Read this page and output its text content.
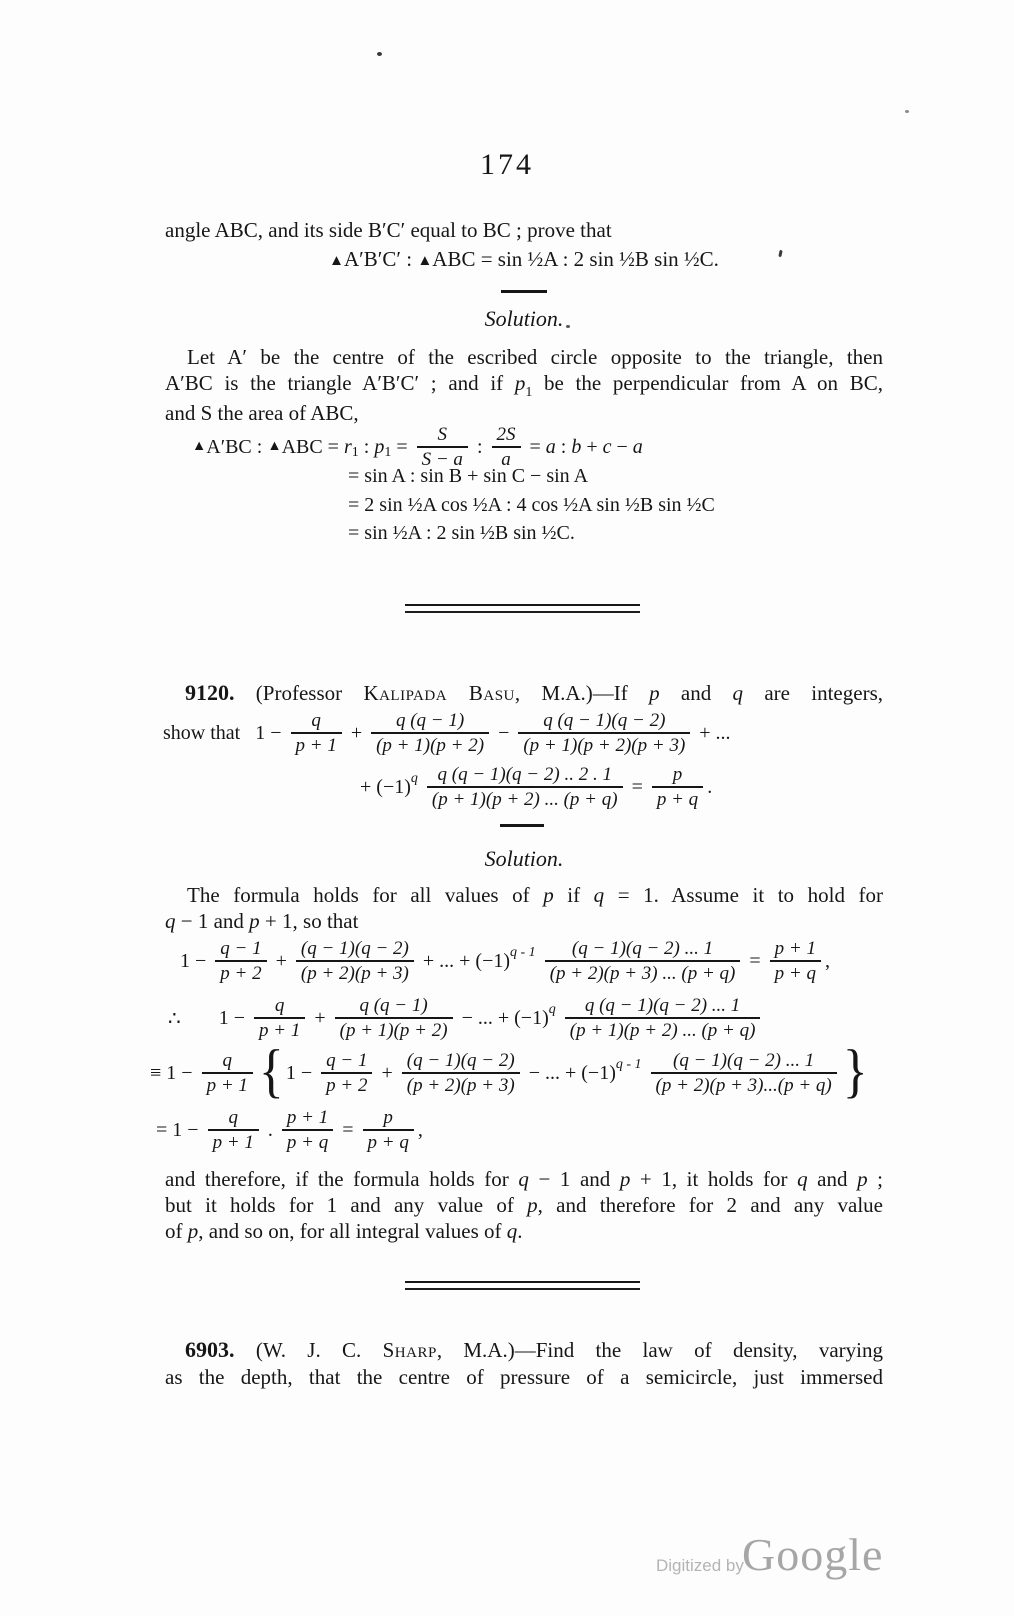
174
angle ABC, and its side B′C′ equal to BC ; prove that
▲A′B′C′ : ▲ABC = sin ½A : 2 sin ½B sin ½C.
Solution.
Let A′ be the centre of the escribed circle opposite to the triangle, then
A′BC is the triangle A′B′C′ ; and if $p_1$ be the perpendicular from A on BC,
and S the area of ABC,
▲ A′BC : ▲ ABC = r 1 : p $1 = \frac{S}{S - a}$ : $\frac{2S}{a} = a$ : b + c − a
= sin A : sin B + sin C − sin A
= 2 sin ½A cos ½A : 4 cos ½A sin ½B sin ½C
= sin ½A : 2 sin ½B sin ½C.
9120. (Professor Kalipada Basu, M.A.)—If p and q are integers,
show that   $1 - \frac{q}{p + 1} + \frac{q (q - 1)}{(p + 1)(p + 2)} - \frac{q (q - 1)(q - 2)}{(p + 1)(p + 2)(p + 3)}$ + ...
+ (−1) q
$\frac{q (q - 1)(q - 2) .. 2 . 1}{(p + 1)(p + 2) ... (p + q)} = \frac{p}{p + q}$ .
Solution.
The formula holds for all values of p if q = 1. Assume it to hold for
q − 1 and p + 1, so that
$1 - \frac{q - 1}{p + 2} + \frac{(q - 1)(q - 2)}{(p + 2)(p + 3)}$ + ... + (−1) q - 1
$\frac{(q - 1)(q - 2) ... 1}{(p + 2)(p + 3) ... (p + q)} = \frac{p + 1}{p + q}$ ,
∴ $1 - \frac{q}{p + 1} + \frac{q (q - 1)}{(p + 1)(p + 2)}$ − ... + (−1) q
$\frac{q (q - 1)(q - 2) ... 1}{(p + 1)(p + 2) ... (p + q)}$
≡ $1 - \frac{q}{p + 1}$ { $1 - \frac{q - 1}{p + 2} + \frac{(q - 1)(q - 2)}{(p + 2)(p + 3)}$ − ... + (−1) q - 1
$\frac{(q - 1)(q - 2) ... 1}{(p + 2)(p + 3)...(p + q)}$ }
= $1 - \frac{q}{p + 1}$ . $\frac{p + 1}{p + q} = \frac{p}{p + q}$ ,
and therefore, if the formula holds for q − 1 and p + 1, it holds for q and p ;
but it holds for 1 and any value of p, and therefore for 2 and any value
of p, and so on, for all integral values of q.
6903. (W. J. C. Sharp, M.A.)—Find the law of density, varying
as the depth, that the centre of pressure of a semicircle, just immersed
Digitized by
Google
